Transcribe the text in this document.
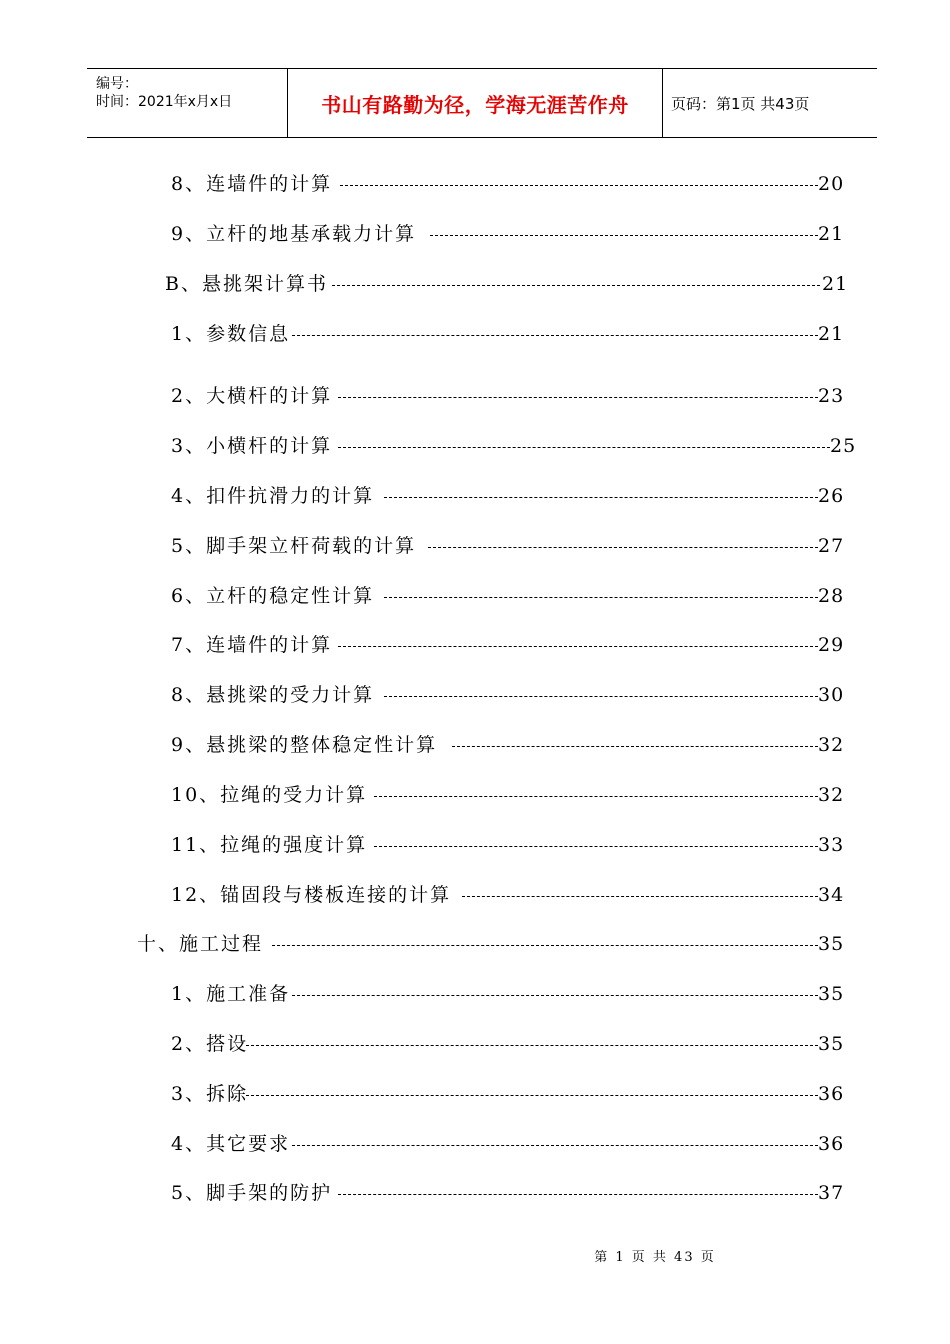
编号：
时间：2021年x月x日	书山有路勤为径，学海无涯苦作舟	页码：第1页 共43页
8、连墙件的计算	20
9、立杆的地基承载力计算	21
B、悬挑架计算书	21
1、参数信息	21
2、大横杆的计算	23
3、小横杆的计算	25
4、扣件抗滑力的计算	26
5、脚手架立杆荷载的计算	27
6、立杆的稳定性计算	28
7、连墙件的计算	29
8、悬挑梁的受力计算	30
9、悬挑梁的整体稳定性计算	32
10、拉绳的受力计算	32
11、拉绳的强度计算	33
12、锚固段与楼板连接的计算	34
十、施工过程	35
1、施工准备	35
2、搭设	35
3、拆除	36
4、其它要求	36
5、脚手架的防护	37
第 1 页 共 43 页
